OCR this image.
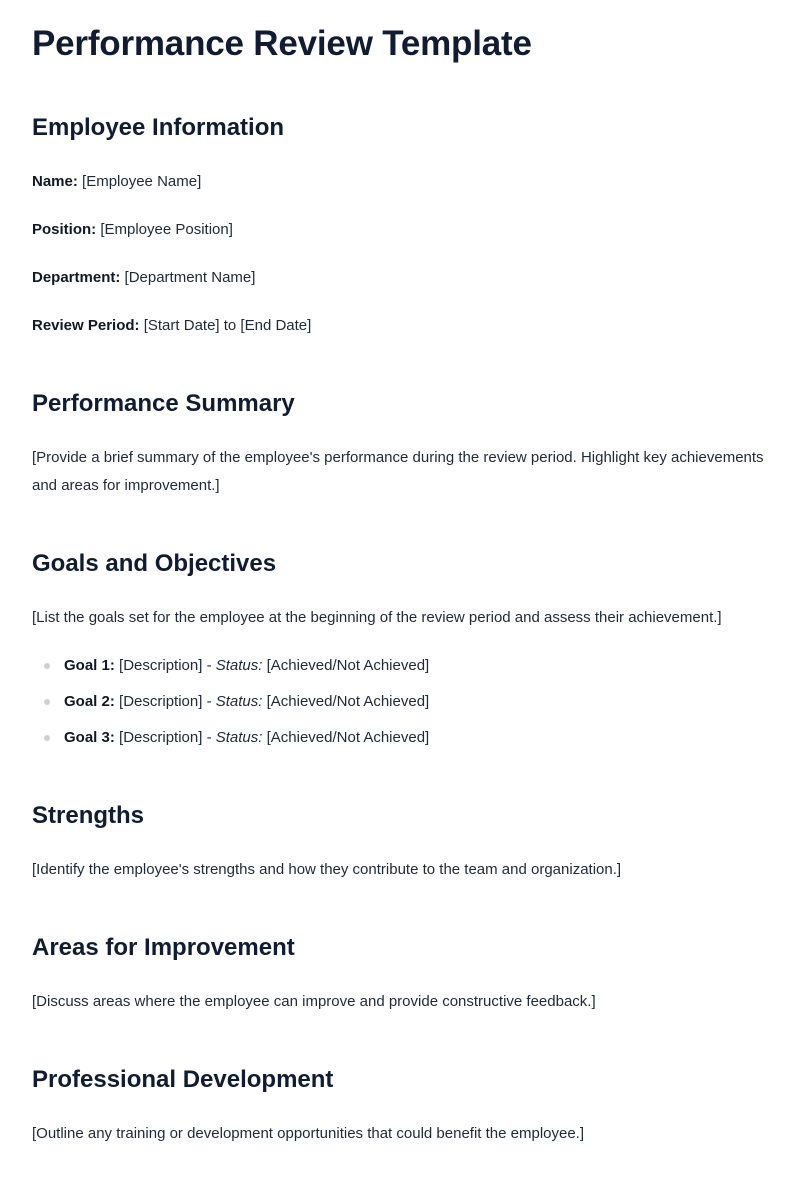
Performance Review Template
Employee Information

Name: [Employee Name]

Position: [Employee Position]

Department: [Department Name]

Review Period: [Start Date] to [End Date]

Performance Summary

[Provide a brief summary of the employee's performance during the review period. Highlight key achievements and areas for improvement.]

Goals and Objectives

[List the goals set for the employee at the beginning of the review period and assess their achievement.]

Goal 1: [Description] - Status: [Achieved/Not Achieved]
Goal 2: [Description] - Status: [Achieved/Not Achieved]
Goal 3: [Description] - Status: [Achieved/Not Achieved]
Strengths

[Identify the employee's strengths and how they contribute to the team and organization.]

Areas for Improvement

[Discuss areas where the employee can improve and provide constructive feedback.]

Professional Development

[Outline any training or development opportunities that could benefit the employee.]
